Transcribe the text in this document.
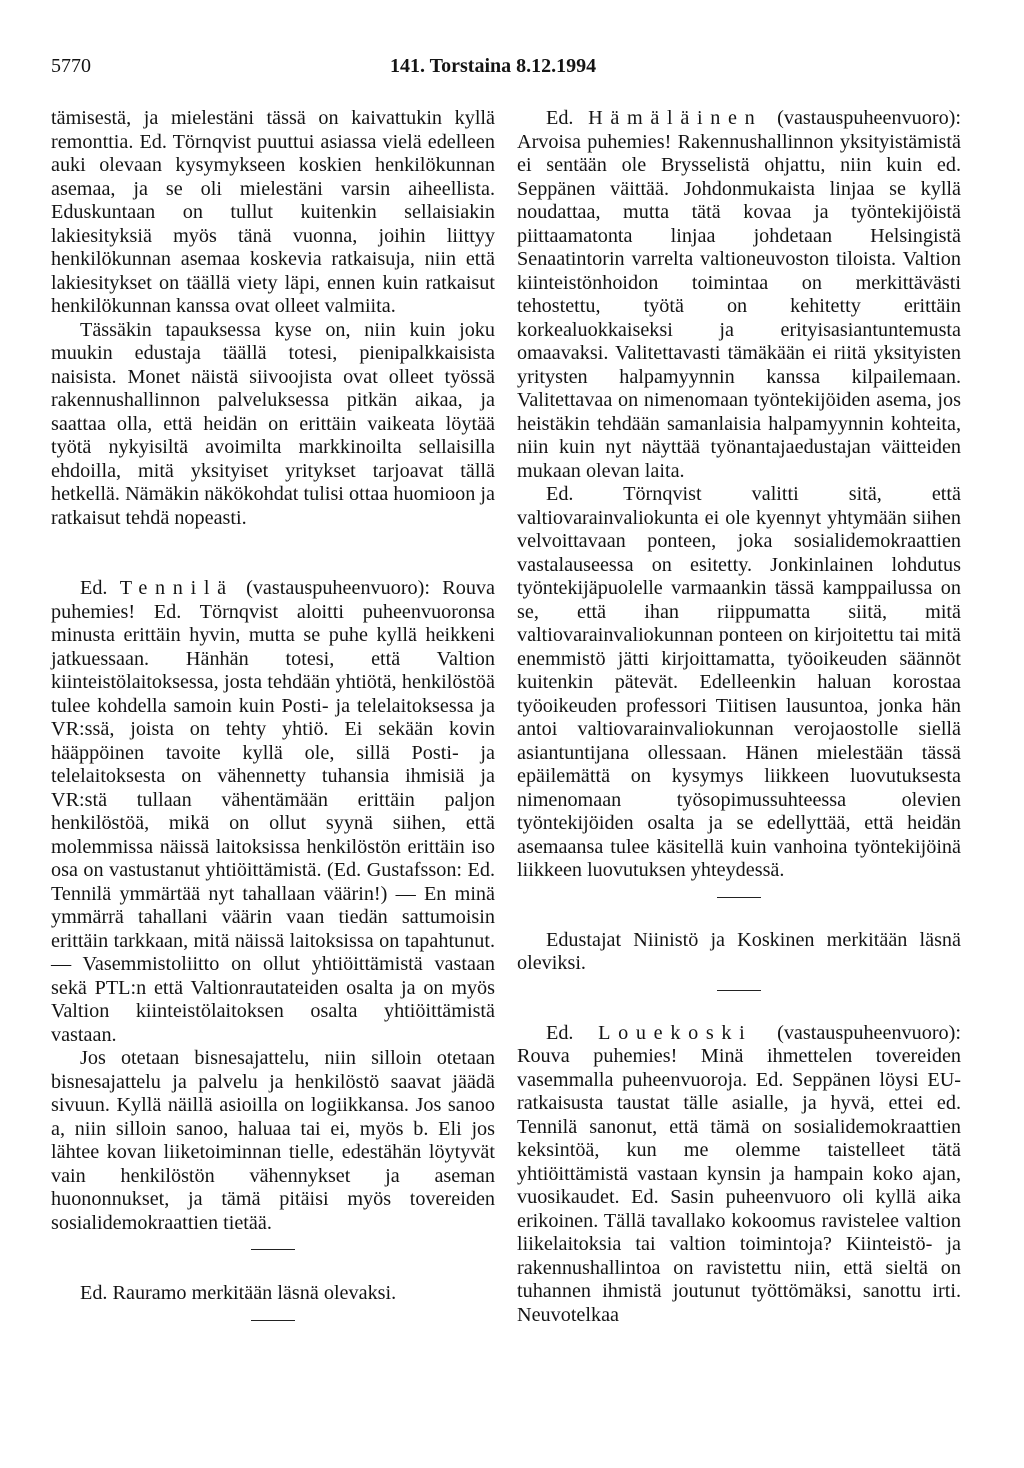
5770	141. Torstaina 8.12.1994

tämisestä, ja mielestäni tässä on kaivattukin kyllä remonttia. Ed. Törnqvist puuttui asiassa vielä edelleen auki olevaan kysymykseen koskien henkilökunnan asemaa, ja se oli mielestäni varsin aiheellista. Eduskuntaan on tullut kuitenkin sellaisiakin lakiesityksiä myös tänä vuonna, joihin liittyy henkilökunnan asemaa koskevia ratkaisuja, niin että lakiesitykset on täällä viety läpi, ennen kuin ratkaisut henkilökunnan kanssa ovat olleet valmiita.

Tässäkin tapauksessa kyse on, niin kuin joku muukin edustaja täällä totesi, pienipalkkaisista naisista. Monet näistä siivoojista ovat olleet työssä rakennushallinnon palveluksessa pitkän aikaa, ja saattaa olla, että heidän on erittäin vaikeata löytää työtä nykyisiltä avoimilta markkinoilta sellaisilla ehdoilla, mitä yksityiset yritykset tarjoavat tällä hetkellä. Nämäkin näkökohdat tulisi ottaa huomioon ja ratkaisut tehdä nopeasti.

Ed. Tennilä (vastauspuheenvuoro): Rouva puhemies! Ed. Törnqvist aloitti puheenvuoronsa minusta erittäin hyvin, mutta se puhe kyllä heikkeni jatkuessaan. Hänhän totesi, että Valtion kiinteistölaitoksessa, josta tehdään yhtiötä, henkilöstöä tulee kohdella samoin kuin Posti- ja telelaitoksessa ja VR:ssä, joista on tehty yhtiö. Ei sekään kovin hääppöinen tavoite kyllä ole, sillä Posti- ja telelaitoksesta on vähennetty tuhansia ihmisiä ja VR:stä tullaan vähentämään erittäin paljon henkilöstöä, mikä on ollut syynä siihen, että molemmissa näissä laitoksissa henkilöstön erittäin iso osa on vastustanut yhtiöittämistä. (Ed. Gustafsson: Ed. Tennilä ymmärtää nyt tahallaan väärin!) — En minä ymmärrä tahallani väärin vaan tiedän sattumoisin erittäin tarkkaan, mitä näissä laitoksissa on tapahtunut. — Vasemmistoliitto on ollut yhtiöittämistä vastaan sekä PTL:n että Valtionrautateiden osalta ja on myös Valtion kiinteistölaitoksen osalta yhtiöittämistä vastaan.

Jos otetaan bisnesajattelu, niin silloin otetaan bisnesajattelu ja palvelu ja henkilöstö saavat jäädä sivuun. Kyllä näillä asioilla on logiikkansa. Jos sanoo a, niin silloin sanoo, haluaa tai ei, myös b. Eli jos lähtee kovan liiketoiminnan tielle, edestähän löytyvät vain henkilöstön vähennykset ja aseman huononnukset, ja tämä pitäisi myös tovereiden sosialidemokraattien tietää.

Ed. Rauramo merkitään läsnä olevaksi.

Ed. Hämäläinen (vastauspuheenvuoro): Arvoisa puhemies! Rakennushallinnon yksityistämistä ei sentään ole Brysselistä ohjattu, niin kuin ed. Seppänen väittää. Johdonmukaista linjaa se kyllä noudattaa, mutta tätä kovaa ja työntekijöistä piittaamatonta linjaa johdetaan Helsingistä Senaatintorin varrelta valtioneuvoston tiloista. Valtion kiinteistönhoidon toimintaa on merkittävästi tehostettu, työtä on kehitetty erittäin korkealuokkaiseksi ja erityisasiantuntemusta omaavaksi. Valitettavasti tämäkään ei riitä yksityisten yritysten halpamyynnin kanssa kilpailemaan. Valitettavaa on nimenomaan työntekijöiden asema, jos heistäkin tehdään samanlaisia halpamyynnin kohteita, niin kuin nyt näyttää työnantajaedustajan väitteiden mukaan olevan laita.

Ed. Törnqvist valitti sitä, että valtiovarainvaliokunta ei ole kyennyt yhtymään siihen velvoittavaan ponteen, joka sosialidemokraattien vastalauseessa on esitetty. Jonkinlainen lohdutus työntekijäpuolelle varmaankin tässä kamppailussa on se, että ihan riippumatta siitä, mitä valtiovarainvaliokunnan ponteen on kirjoitettu tai mitä enemmistö jätti kirjoittamatta, työoikeuden säännöt kuitenkin pätevät. Edelleenkin haluan korostaa työoikeuden professori Tiitisen lausuntoa, jonka hän antoi valtiovarainvaliokunnan verojaostolle siellä asiantuntijana ollessaan. Hänen mielestään tässä epäilemättä on kysymys liikkeen luovutuksesta nimenomaan työsopimussuhteessa olevien työntekijöiden osalta ja se edellyttää, että heidän asemaansa tulee käsitellä kuin vanhoina työntekijöinä liikkeen luovutuksen yhteydessä.

Edustajat Niinistö ja Koskinen merkitään läsnä oleviksi.

Ed. Louekoski (vastauspuheenvuoro): Rouva puhemies! Minä ihmettelen tovereiden vasemmalla puheenvuoroja. Ed. Seppänen löysi EU-ratkaisusta taustat tälle asialle, ja hyvä, ettei ed. Tennilä sanonut, että tämä on sosialidemokraattien keksintöä, kun me olemme taistelleet tätä yhtiöittämistä vastaan kynsin ja hampain koko ajan, vuosikaudet. Ed. Sasin puheenvuoro oli kyllä aika erikoinen. Tällä tavallako kokoomus ravistelee valtion liikelaitoksia tai valtion toimintoja? Kiinteistö- ja rakennushallintoa on ravistettu niin, että sieltä on tuhannen ihmistä joutunut työttömäksi, sanottu irti. Neuvotelkaa
